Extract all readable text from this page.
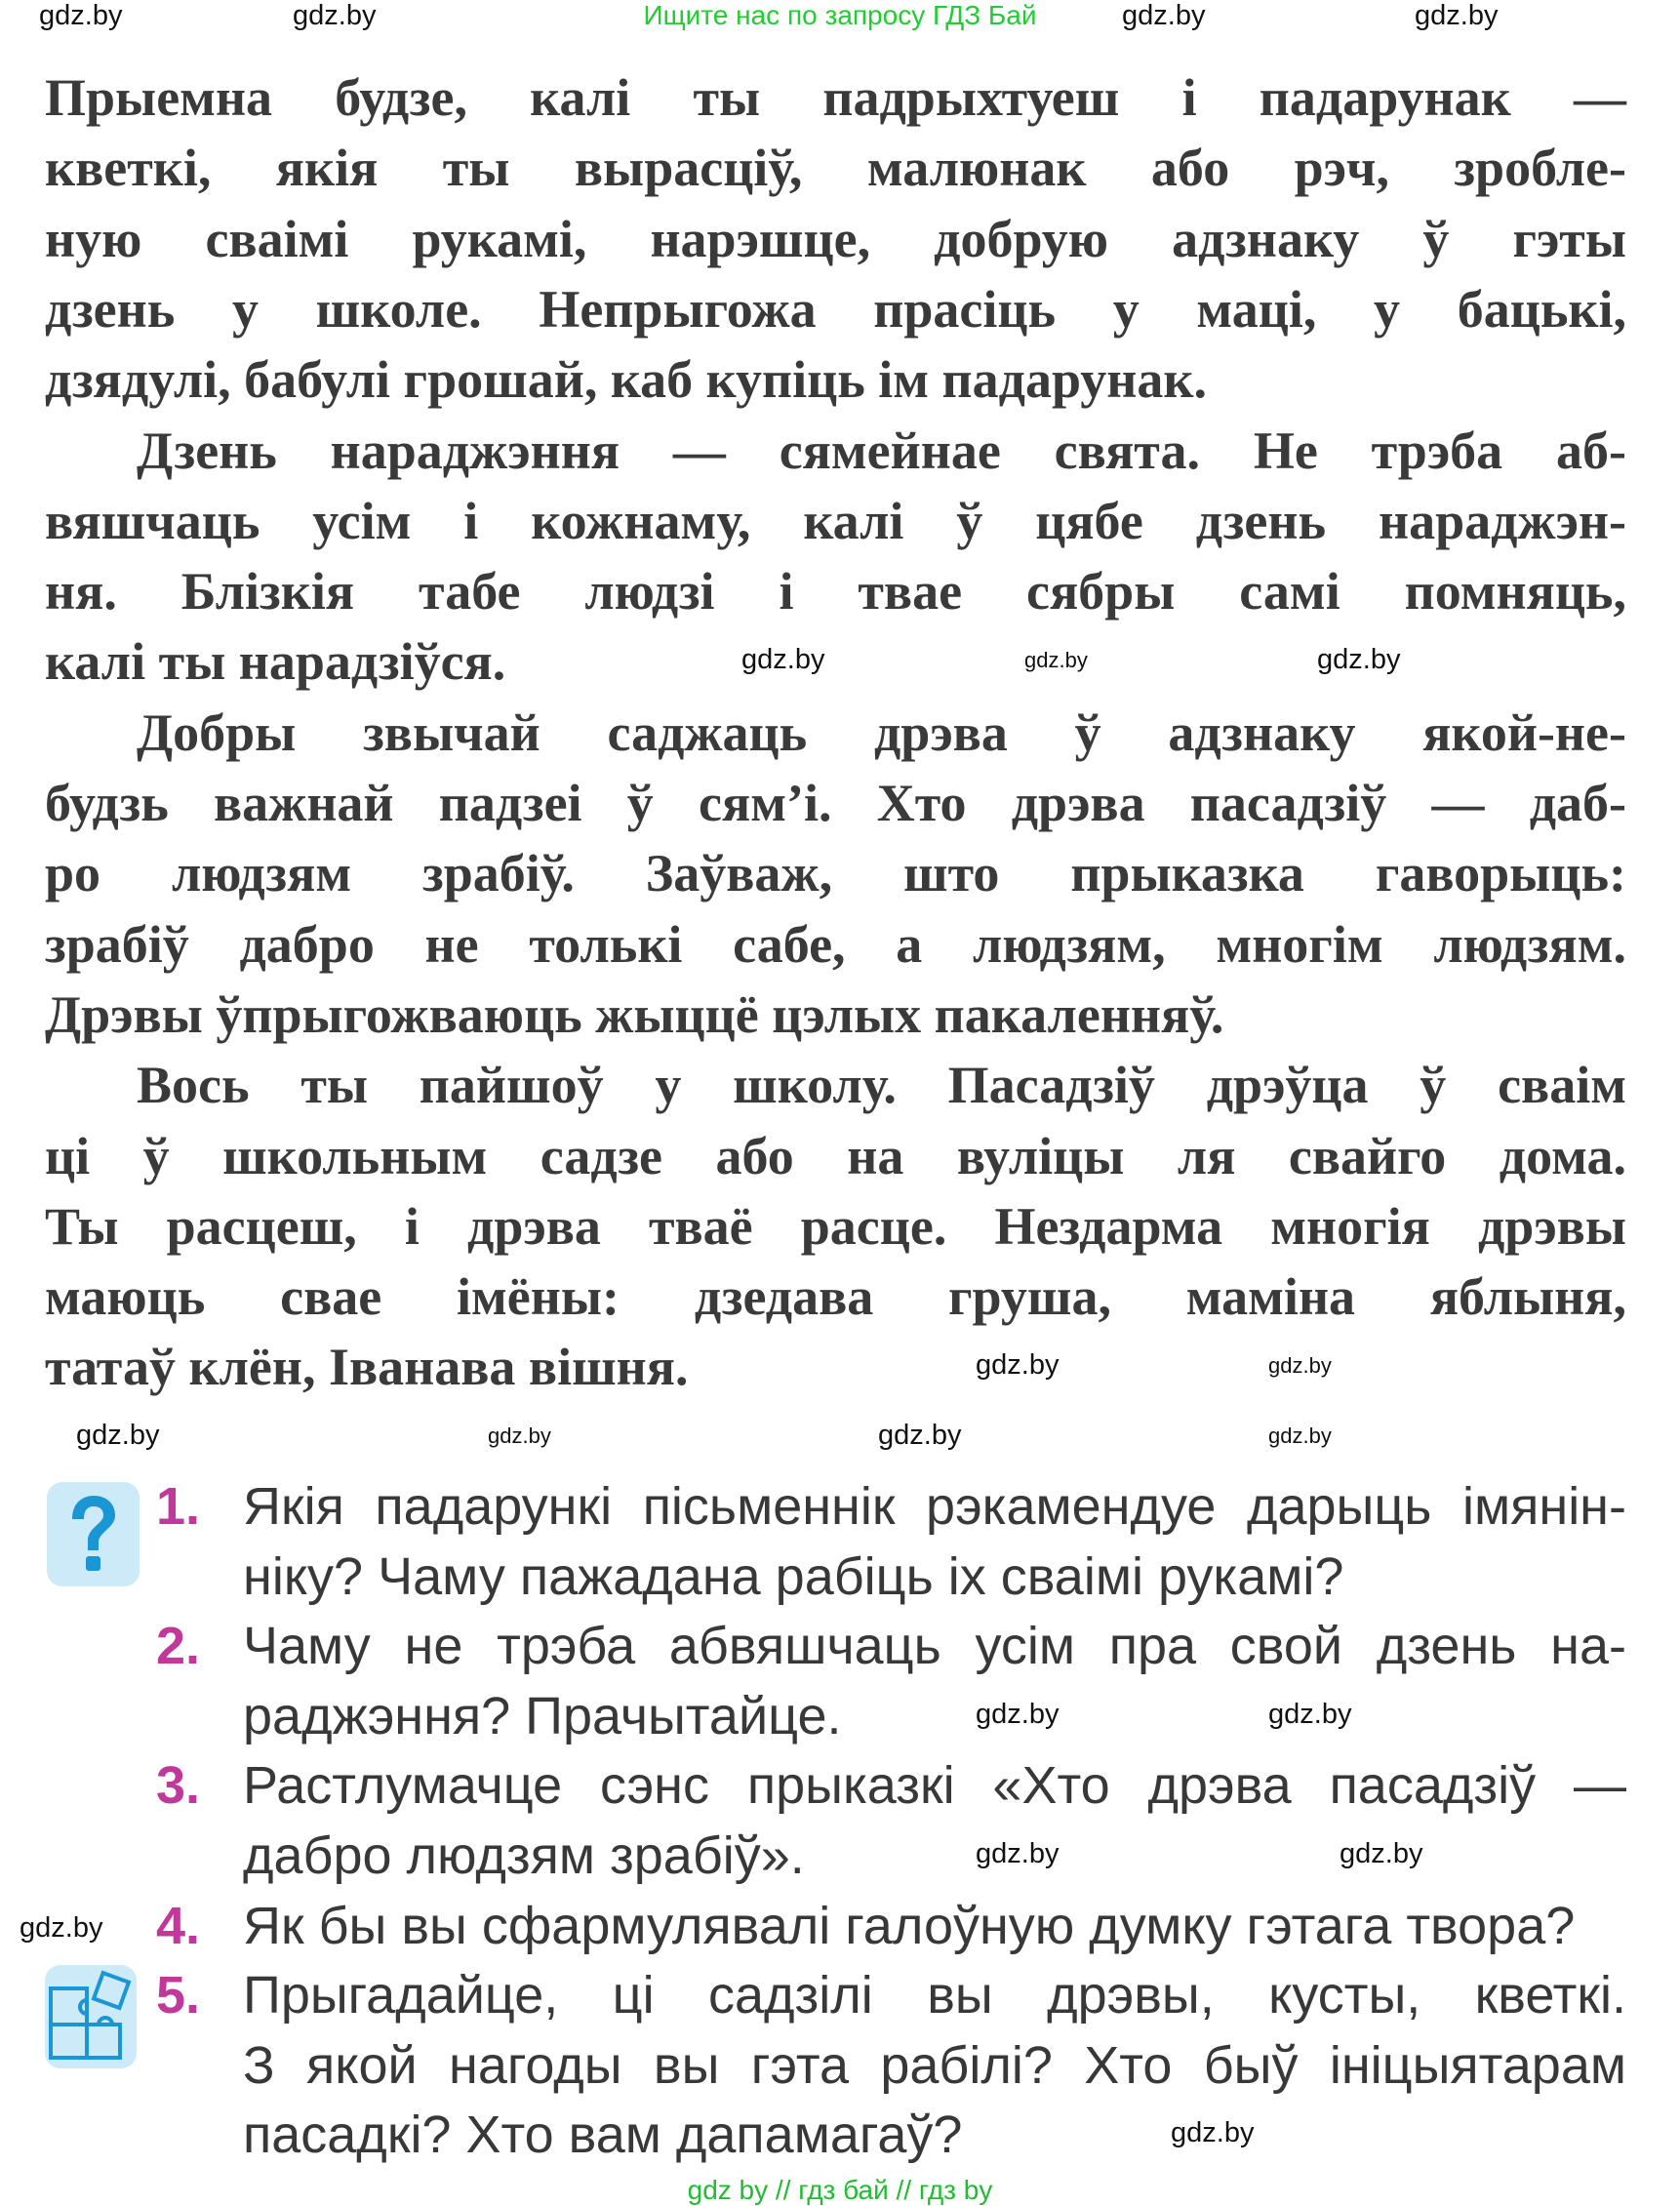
Ищите нас по запросу ГДЗ Бай
Прыемна будзе, калі ты падрыхтуеш і падарунак —
кветкі, якія ты вырасціў, малюнак або рэч, зробле-
ную сваімі рукамі, нарэшце, добрую адзнаку ў гэты
дзень у школе. Непрыгожа прасіць у маці, у бацькі,
дзядулі, бабулі грошай, каб купіць ім падарунак.
Дзень нараджэння — сямейнае свята. Не трэба аб-
вяшчаць усім і кожнаму, калі ў цябе дзень нараджэн-
ня. Блізкія табе людзі і твае сябры самі помняць,
калі ты нарадзіўся.
Добры звычай саджаць дрэва ў адзнаку якой-не-
будзь важнай падзеі ў сям’і. Хто дрэва пасадзіў — даб-
ро людзям зрабіў. Заўваж, што прыказка гаворыць:
зрабіў дабро не толькі сабе, а людзям, многім людзям.
Дрэвы ўпрыгожваюць жыццё цэлых пакаленняў.
Вось ты пайшоў у школу. Пасадзіў дрэўца ў сваім
ці ў школьным садзе або на вуліцы ля свайго дома.
Ты расцеш, і дрэва тваё расце. Нездарма многія дрэвы
маюць свае імёны: дзедава груша, маміна яблыня,
татаў клён, Іванава вішня.
1. Якія падарункі пісьменнік рэкамендуе дарыць імянін-
ніку? Чаму пажадана рабіць іх сваімі рукамі?
2. Чаму не трэба абвяшчаць усім пра свой дзень на-
раджэння? Прачытайце.
3. Растлумачце сэнс прыказкі «Хто дрэва пасадзіў —
дабро людзям зрабіў».
4. Як бы вы сфармулявалі галоўную думку гэтага твора?
5. Прыгадайце, ці садзілі вы дрэвы, кусты, кветкі.
З якой нагоды вы гэта рабілі? Хто быў ініцыятарам
пасадкі? Хто вам дапамагаў?
gdz.by	gdz.by	gdz.by	gdz.by
gdz.by	gdz.by	gdz.by
gdz.by	gdz.by
gdz.by	gdz.by	gdz.by	gdz.by
gdz.by	gdz.by
gdz.by	gdz.by
gdz.by
gdz.by
gdz by // гдз бай // гдз by
